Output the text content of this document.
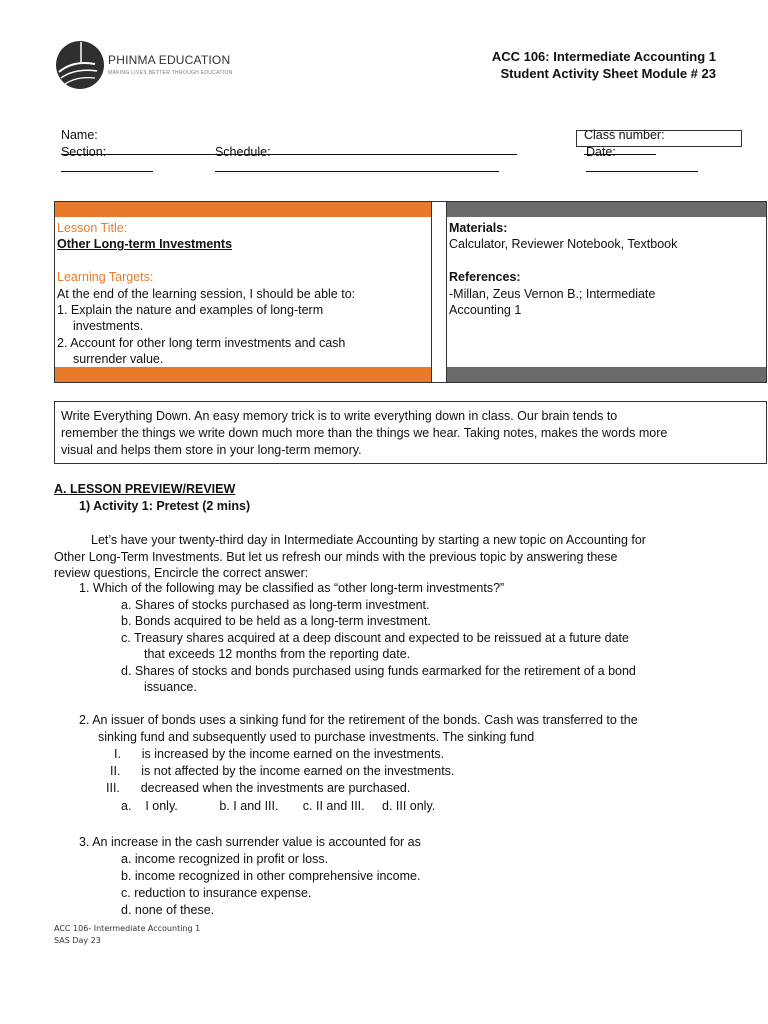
PHINMA EDUCATION
MAKING LIVES BETTER THROUGH EDUCATION
ACC 106: Intermediate Accounting 1
Student Activity Sheet Module # 23

Name:
	Class number:

Section:
	Schedule:
	Date:

Lesson Title:
Other Long-term Investments

Learning Targets:
At the end of the learning session, I should be able to:
1. Explain the nature and examples of long-term
investments.
2. Account for other long term investments and cash
surrender value.
Materials:
Calculator, Reviewer Notebook, Textbook

References:
-Millan, Zeus Vernon B.; Intermediate
Accounting 1
Write Everything Down. An easy memory trick is to write everything down in class. Our brain tends to
remember the things we write down much more than the things we hear. Taking notes, makes the words more
visual and helps them store in your long-term memory.
A. LESSON PREVIEW/REVIEW
1) Activity 1: Pretest (2 mins)
Let’s have your twenty-third day in Intermediate Accounting by starting a new topic on Accounting for
Other Long-Term Investments. But let us refresh our minds with the previous topic by answering these
review questions, Encircle the correct answer:
1. Which of the following may be classified as “other long-term investments?”
a. Shares of stocks purchased as long-term investment.
b. Bonds acquired to be held as a long-term investment.
c. Treasury shares acquired at a deep discount and expected to be reissued at a future date
that exceeds 12 months from the reporting date.
d. Shares of stocks and bonds purchased using funds earmarked for the retirement of a bond
issuance.
2. An issuer of bonds uses a sinking fund for the retirement of the bonds. Cash was transferred to the
sinking fund and subsequently used to purchase investments. The sinking fund
I.      is increased by the income earned on the investments.
II.      is not affected by the income earned on the investments.
III.      decreased when the investments are purchased.
a.    I only.            b. I and III.       c. II and III.     d. III only.
3. An increase in the cash surrender value is accounted for as
a. income recognized in profit or loss.
b. income recognized in other comprehensive income.
c. reduction to insurance expense.
d. none of these.
ACC 106- Intermediate Accounting 1
SAS Day 23
